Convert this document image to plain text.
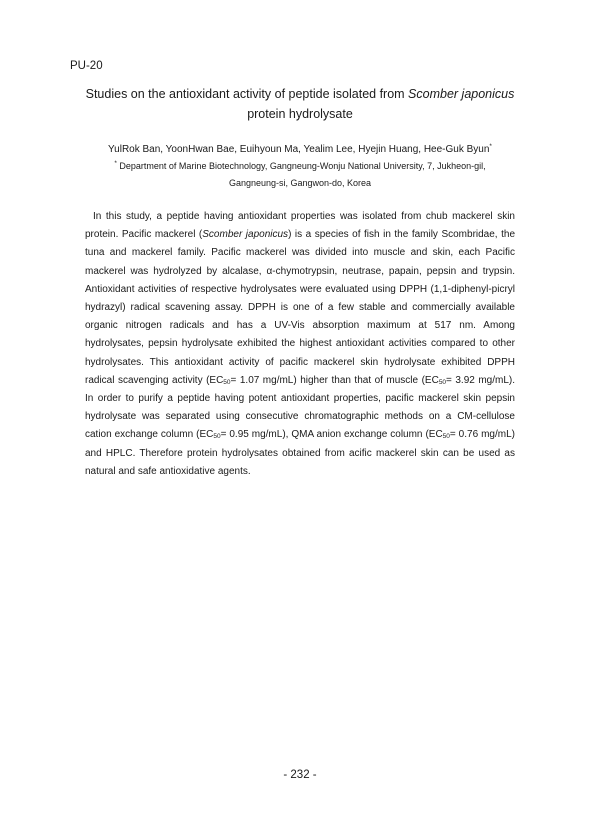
PU-20
Studies on the antioxidant activity of peptide isolated from Scomber japonicus
protein hydrolysate
YulRok Ban, YoonHwan Bae, Euihyoun Ma, Yealim Lee, Hyejin Huang, Hee-Guk Byun*
* Department of Marine Biotechnology, Gangneung-Wonju National University, 7, Jukheon-gil,
Gangneung-si, Gangwon-do, Korea

In this study, a peptide having antioxidant properties was isolated from chub mackerel skin protein. Pacific mackerel (Scomber japonicus) is a species of fish in the family Scombridae, the tuna and mackerel family. Pacific mackerel was divided into muscle and skin, each Pacific mackerel was hydrolyzed by alcalase, α-chymotrypsin, neutrase, papain, pepsin and trypsin. Antioxidant activities of respective hydrolysates were evaluated using DPPH (1,1-diphenyl-picryl hydrazyl) radical scavening assay. DPPH is one of a few stable and commercially available organic nitrogen radicals and has a UV-Vis absorption maximum at 517 nm. Among hydrolysates, pepsin hydrolysate exhibited the highest antioxidant activities compared to other hydrolysates. This antioxidant activity of pacific mackerel skin hydrolysate exhibited DPPH radical scavenging activity ($EC_{50}= 1.07$ mg/mL) higher than that of muscle ($EC_{50}= 3.92$ mg/mL). In order to purify a peptide having potent antioxidant properties, pacific mackerel skin pepsin hydrolysate was separated using consecutive chromatographic methods on a CM-cellulose cation exchange column ($EC_{50}= 0.95$ mg/mL), QMA anion exchange column ($EC_{50}= 0.76$ mg/mL) and HPLC. Therefore protein hydrolysates obtained from acific mackerel skin can be used as natural and safe antioxidative agents.

- 232 -
